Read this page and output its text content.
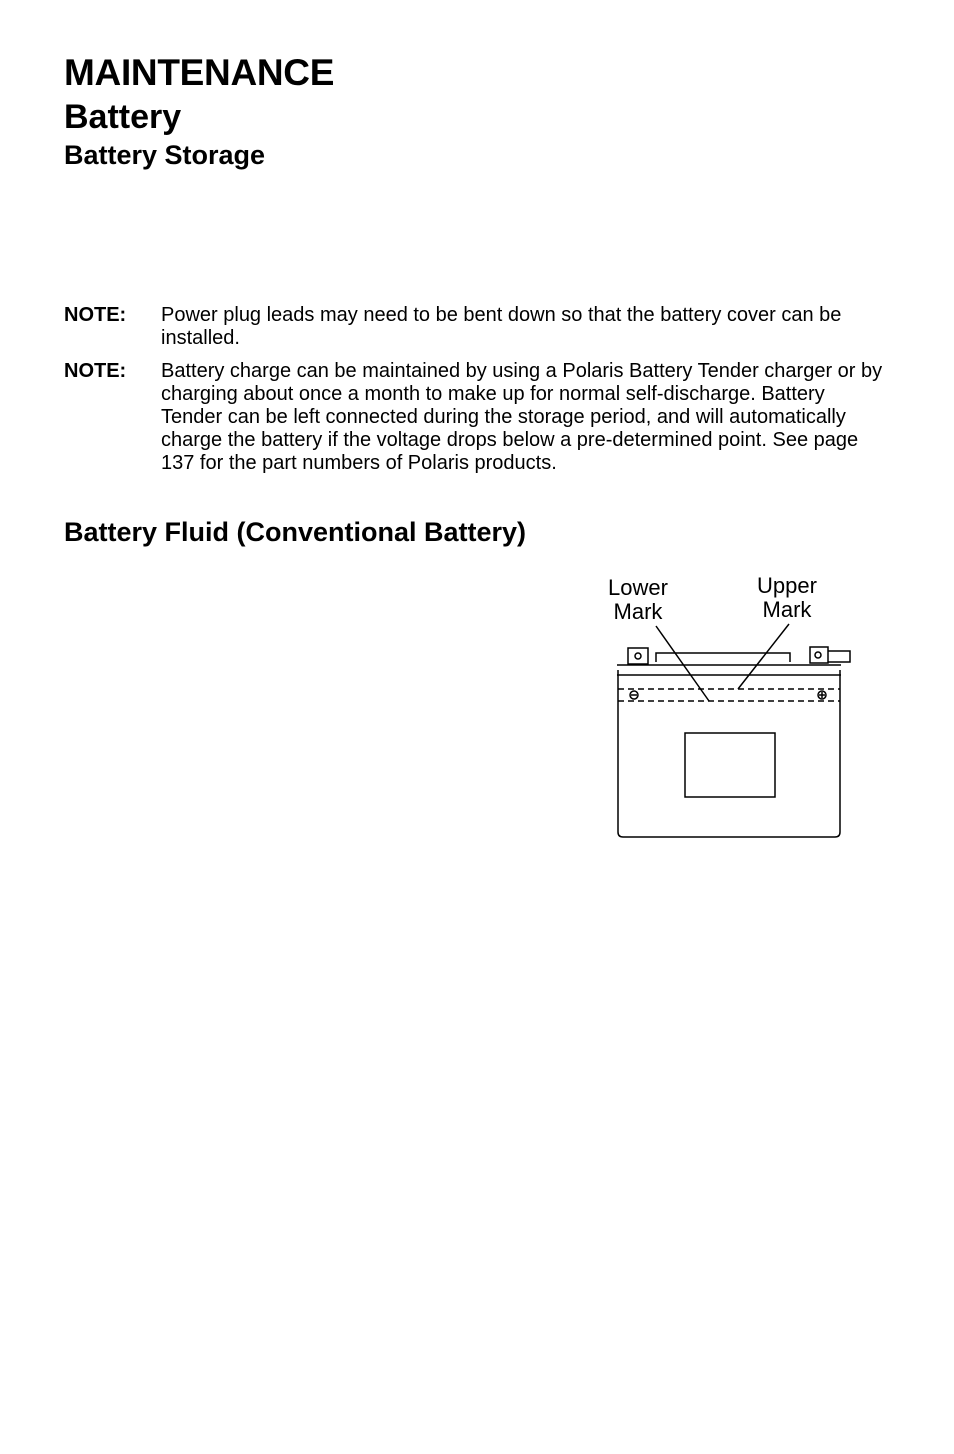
MAINTENANCE
Battery
Battery Storage
NOTE: Power plug leads may need to be bent down so that the battery cover can be installed.
NOTE: Battery charge can be maintained by using a Polaris Battery Tender charger or by charging about once a month to make up for normal self-discharge. Battery Tender can be left connected during the storage period, and will automatically charge the battery if the voltage drops below a pre-determined point. See page 137 for the part numbers of Polaris products.
Battery Fluid (Conventional Battery)
Lower
Mark
Upper
Mark
